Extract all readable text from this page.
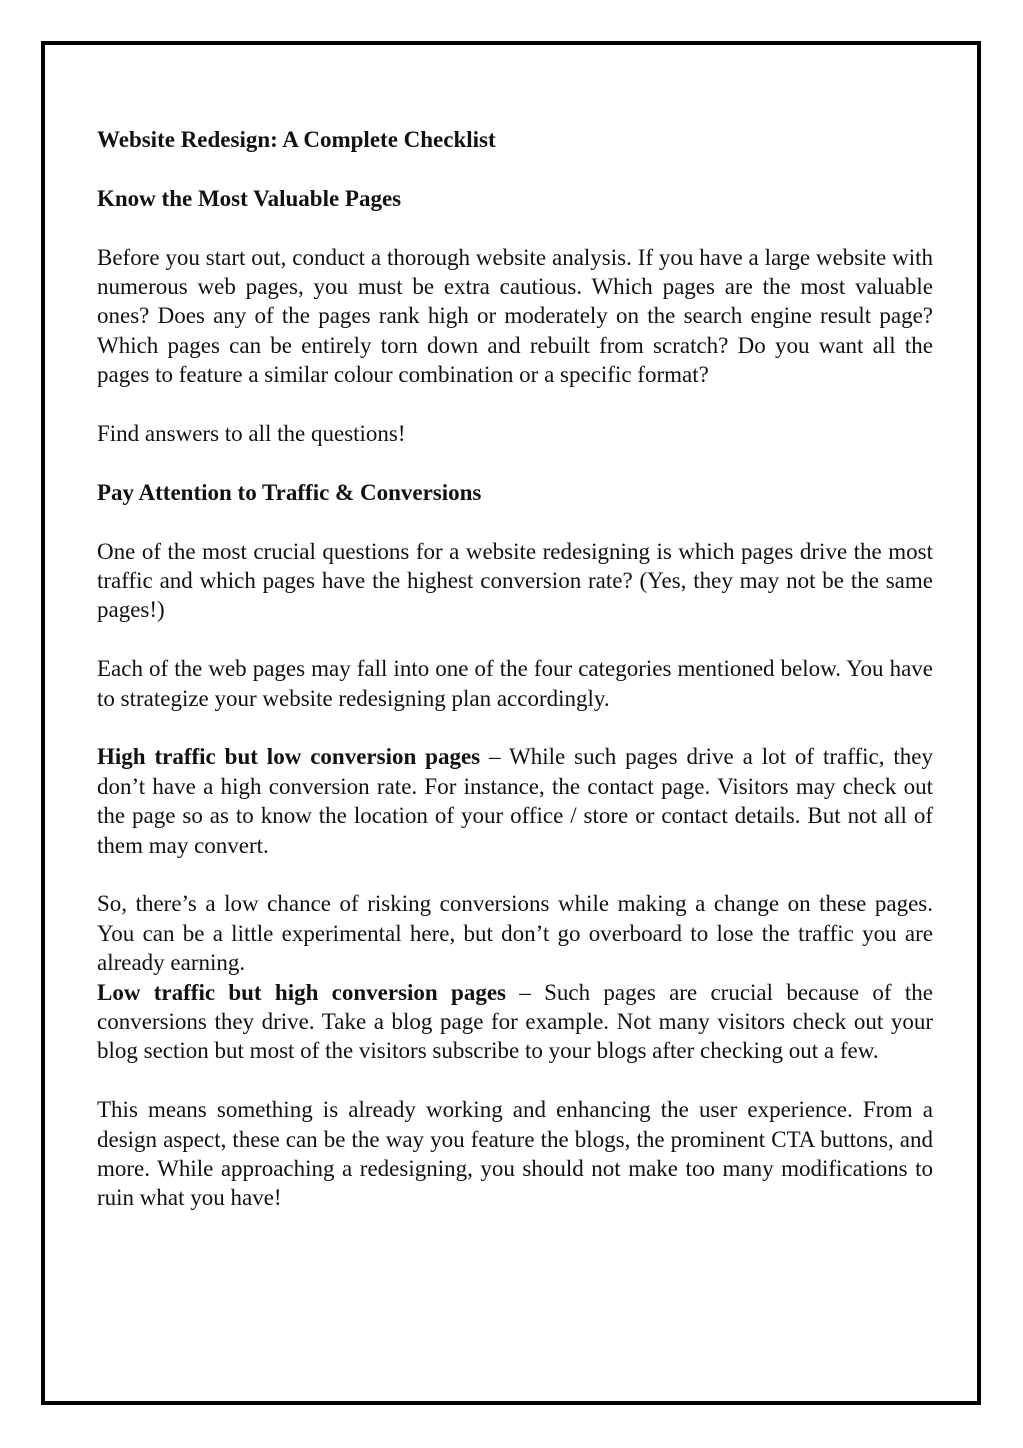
Website Redesign: A Complete Checklist
Know the Most Valuable Pages

Before you start out, conduct a thorough website analysis. If you have a large website with numerous web pages, you must be extra cautious. Which pages are the most valuable ones? Does any of the pages rank high or moderately on the search engine result page? Which pages can be entirely torn down and rebuilt from scratch? Do you want all the pages to feature a similar colour combination or a specific format?

Find answers to all the questions!

Pay Attention to Traffic & Conversions

One of the most crucial questions for a website redesigning is which pages drive the most traffic and which pages have the highest conversion rate? (Yes, they may not be the same pages!)

Each of the web pages may fall into one of the four categories mentioned below. You have to strategize your website redesigning plan accordingly.

High traffic but low conversion pages – While such pages drive a lot of traffic, they don’t have a high conversion rate. For instance, the contact page. Visitors may check out the page so as to know the location of your office / store or contact details. But not all of them may convert.

So, there’s a low chance of risking conversions while making a change on these pages. You can be a little experimental here, but don’t go overboard to lose the traffic you are already earning.

Low traffic but high conversion pages – Such pages are crucial because of the conversions they drive. Take a blog page for example. Not many visitors check out your blog section but most of the visitors subscribe to your blogs after checking out a few.

This means something is already working and enhancing the user experience. From a design aspect, these can be the way you feature the blogs, the prominent CTA buttons, and more. While approaching a redesigning, you should not make too many modifications to ruin what you have!
